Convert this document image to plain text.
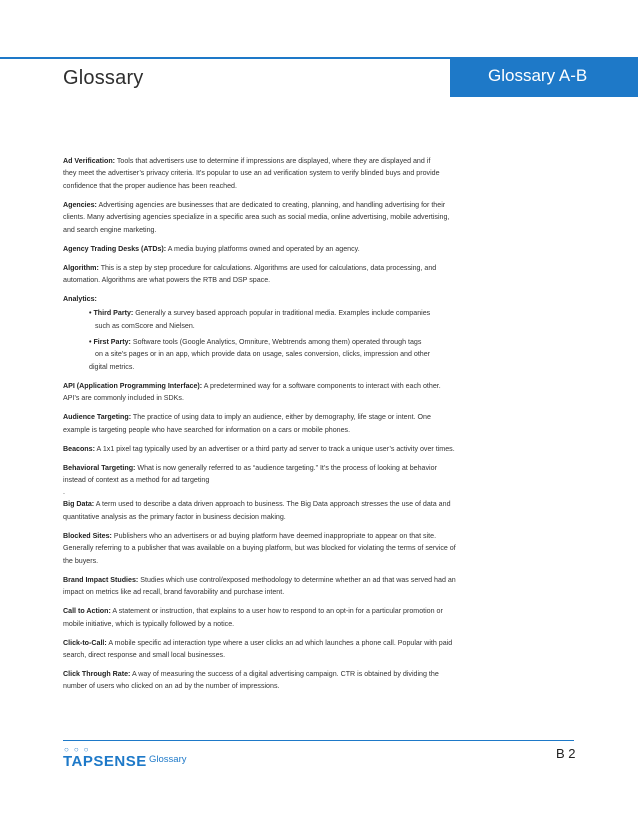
Glossary	Glossary A-B
Ad Verification: Tools that advertisers use to determine if impressions are displayed, where they are displayed and if
they meet the advertiser’s privacy criteria. It’s popular to use an ad verification system to verify blinded buys and provide
confidence that the proper audience has been reached.
Agencies: Advertising agencies are businesses that are dedicated to creating, planning, and handling advertising for their
clients. Many advertising agencies specialize in a specific area such as social media, online advertising, mobile advertising,
and search engine marketing.
Agency Trading Desks (ATDs): A media buying platforms owned and operated by an agency.
Algorithm: This is a step by step procedure for calculations. Algorithms are used for calculations, data processing, and
automation. Algorithms are what powers the RTB and DSP space.
Analytics:
• Third Party: Generally a survey based approach popular in traditional media. Examples include companies
such as comScore and Nielsen.
• First Party: Software tools (Google Analytics, Omniture, Webtrends among them) operated through tags
on a site’s pages or in an app, which provide data on usage, sales conversion, clicks, impression and other
digital metrics.
API (Application Programming Interface): A predetermined way for a software components to interact with each other.
API’s are commonly included in SDKs.
Audience Targeting: The practice of using data to imply an audience, either by demography, life stage or intent. One
example is targeting people who have searched for information on a cars or mobile phones.
Beacons: A 1x1 pixel tag typically used by an advertiser or a third party ad server to track a unique user’s activity over times.
Behavioral Targeting: What is now generally referred to as “audience targeting.” It’s the process of looking at behavior
instead of context as a method for ad targeting
.
Big Data: A term used to describe a data driven approach to business. The Big Data approach stresses the use of data and
quantitative analysis as the primary factor in business decision making.
Blocked Sites: Publishers who an advertisers or ad buying platform have deemed inappropriate to appear on that site.
Generally referring to a publisher that was available on a buying platform, but was blocked for violating the terms of service of
the buyers.
Brand Impact Studies: Studies which use control/exposed methodology to determine whether an ad that was served had an
impact on metrics like ad recall, brand favorability and purchase intent.
Call to Action: A statement or instruction, that explains to a user how to respond to an opt-in for a particular promotion or
mobile initiative, which is typically followed by a notice.
Click-to-Call: A mobile specific ad interaction type where a user clicks an ad which launches a phone call. Popular with paid
search, direct response and small local businesses.
Click Through Rate: A way of measuring the success of a digital advertising campaign. CTR is obtained by dividing the
number of users who clicked on an ad by the number of impressions.
○○○
TAPSENSE Glossary	B 2
